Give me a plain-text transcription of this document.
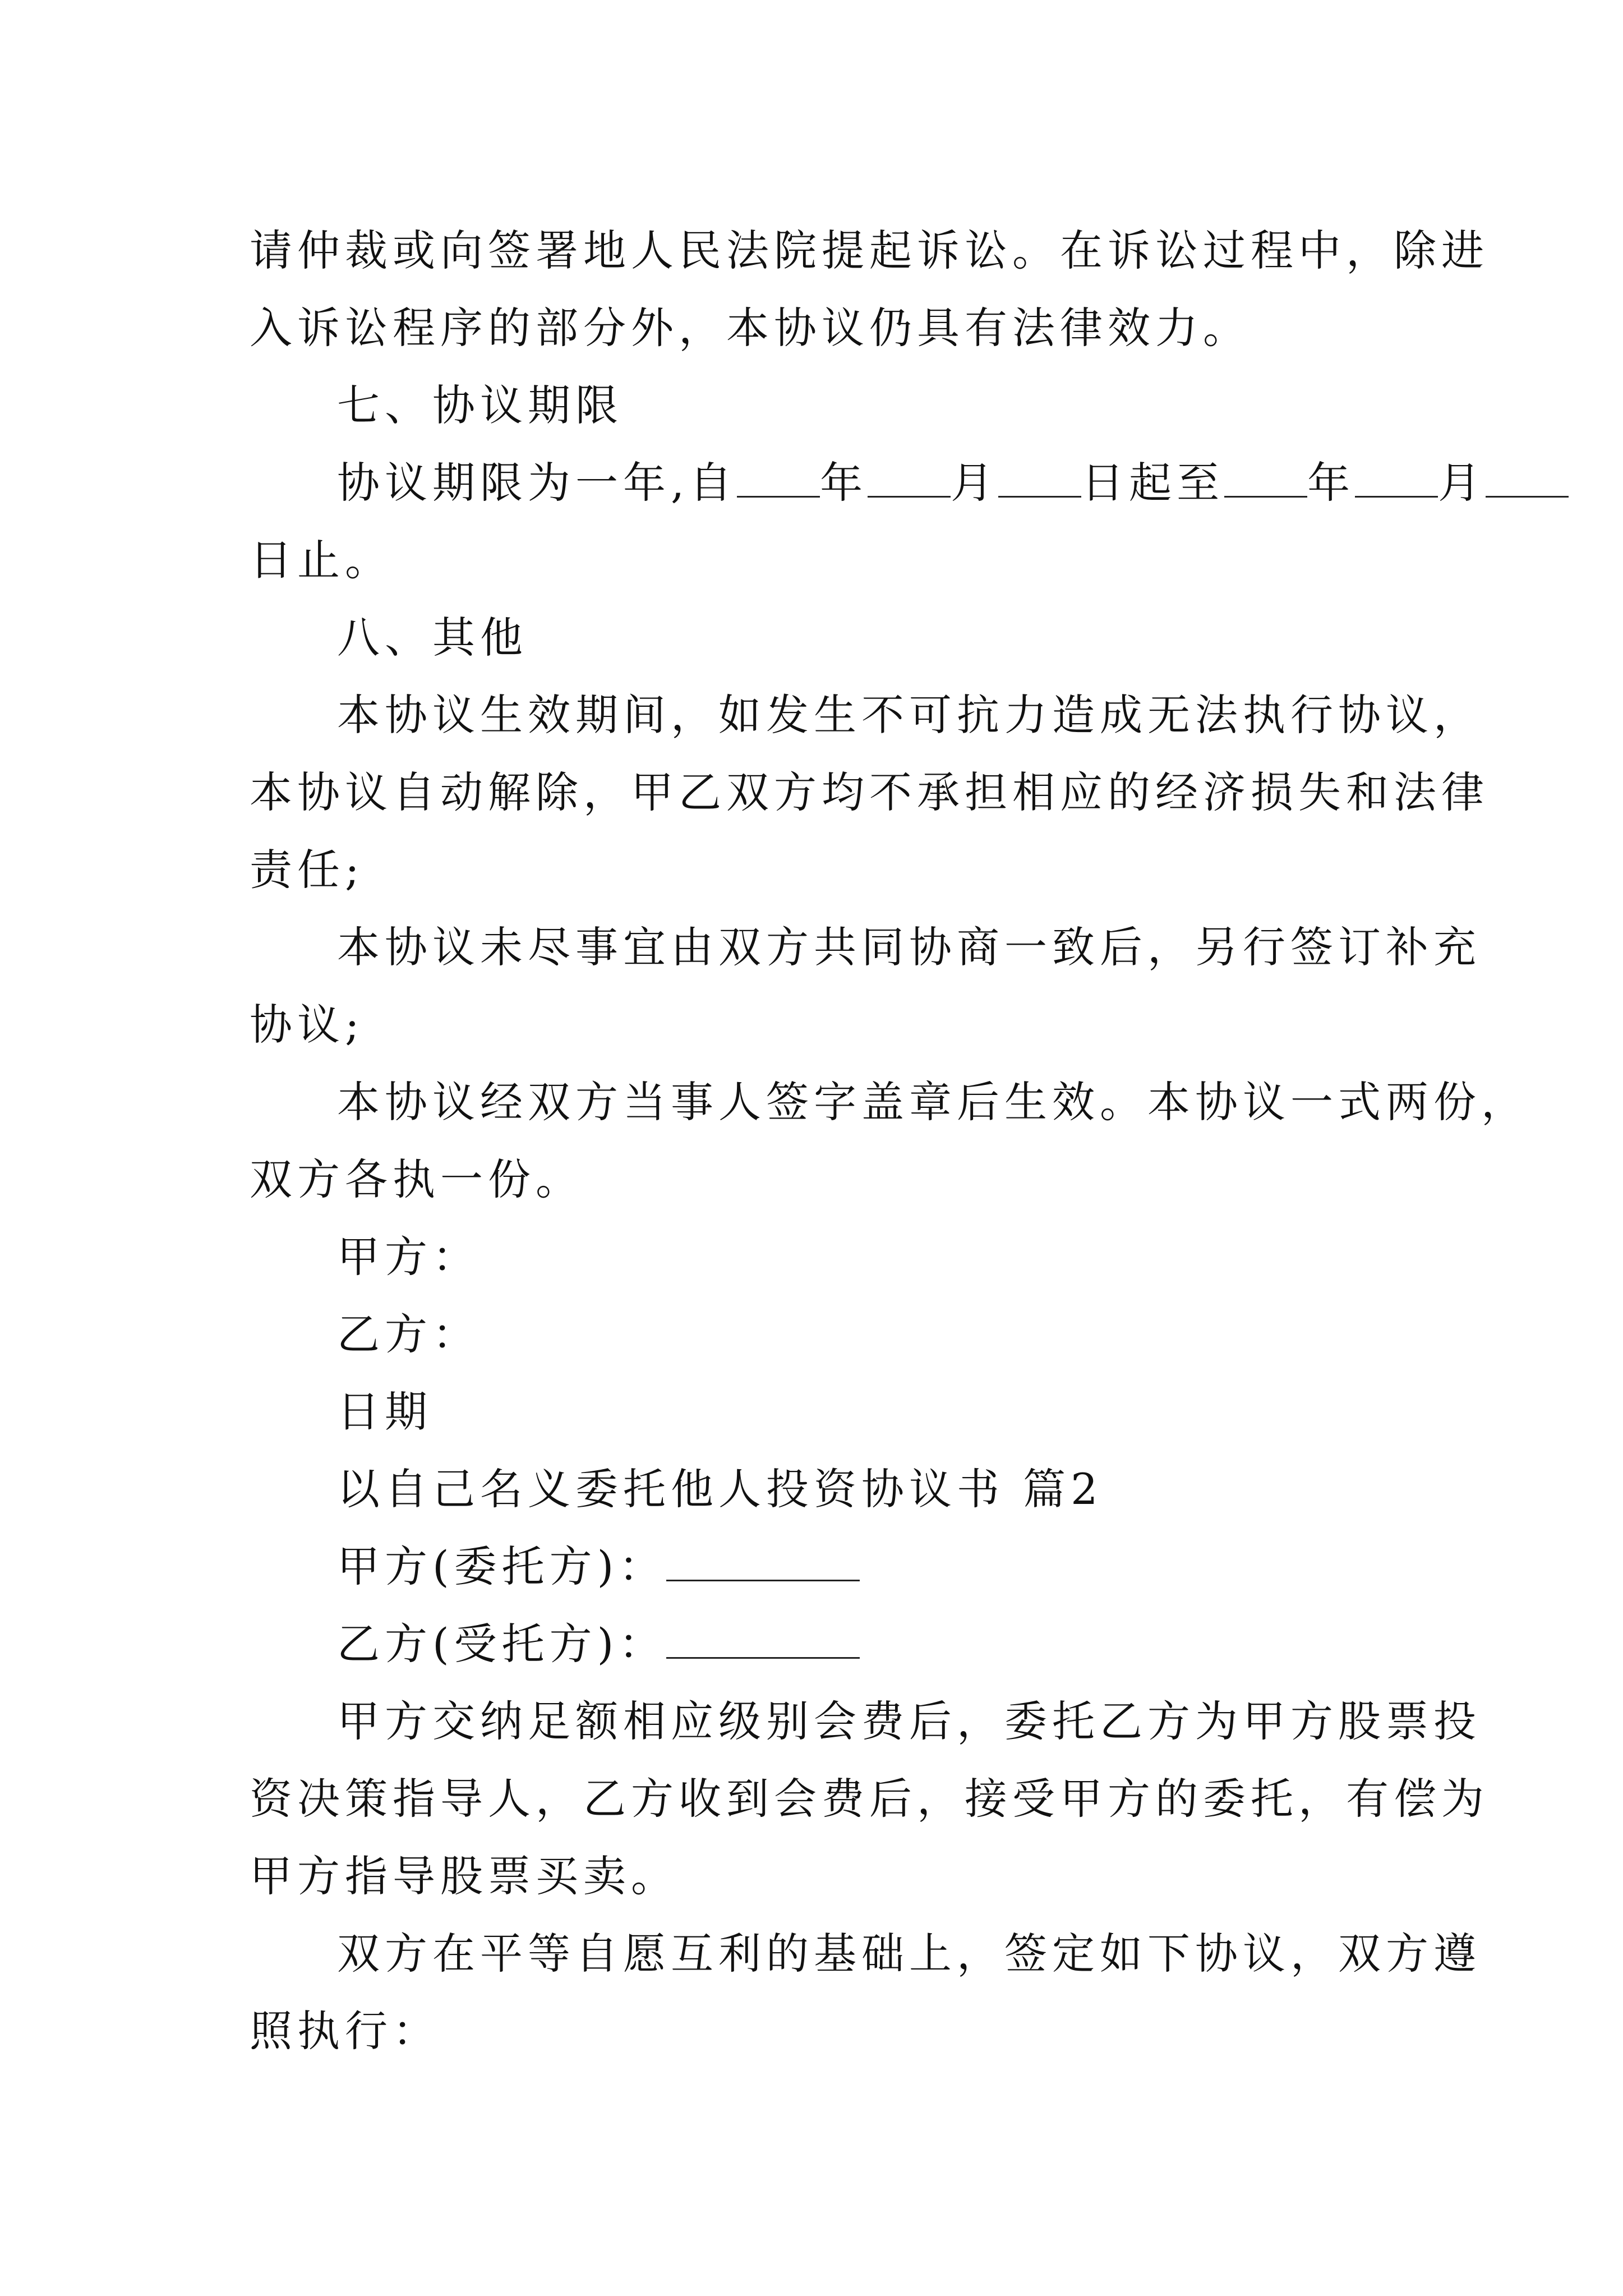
请仲裁或向签署地人民法院提起诉讼。在诉讼过程中，除进
入诉讼程序的部分外，本协议仍具有法律效力。
七、协议期限
协议期限为一年,自 年 月 日起至 年 月
日止。
八、其他
本协议生效期间，如发生不可抗力造成无法执行协议，
本协议自动解除，甲乙双方均不承担相应的经济损失和法律
责任;
本协议未尽事宜由双方共同协商一致后，另行签订补充
协议;
本协议经双方当事人签字盖章后生效。本协议一式两份，
双方各执一份。
甲方：
乙方：
日期
以自己名义委托他人投资协议书 篇2
甲方(委托方)：
乙方(受托方)：
甲方交纳足额相应级别会费后，委托乙方为甲方股票投
资决策指导人，乙方收到会费后，接受甲方的委托，有偿为
甲方指导股票买卖。
双方在平等自愿互利的基础上，签定如下协议，双方遵
照执行：
